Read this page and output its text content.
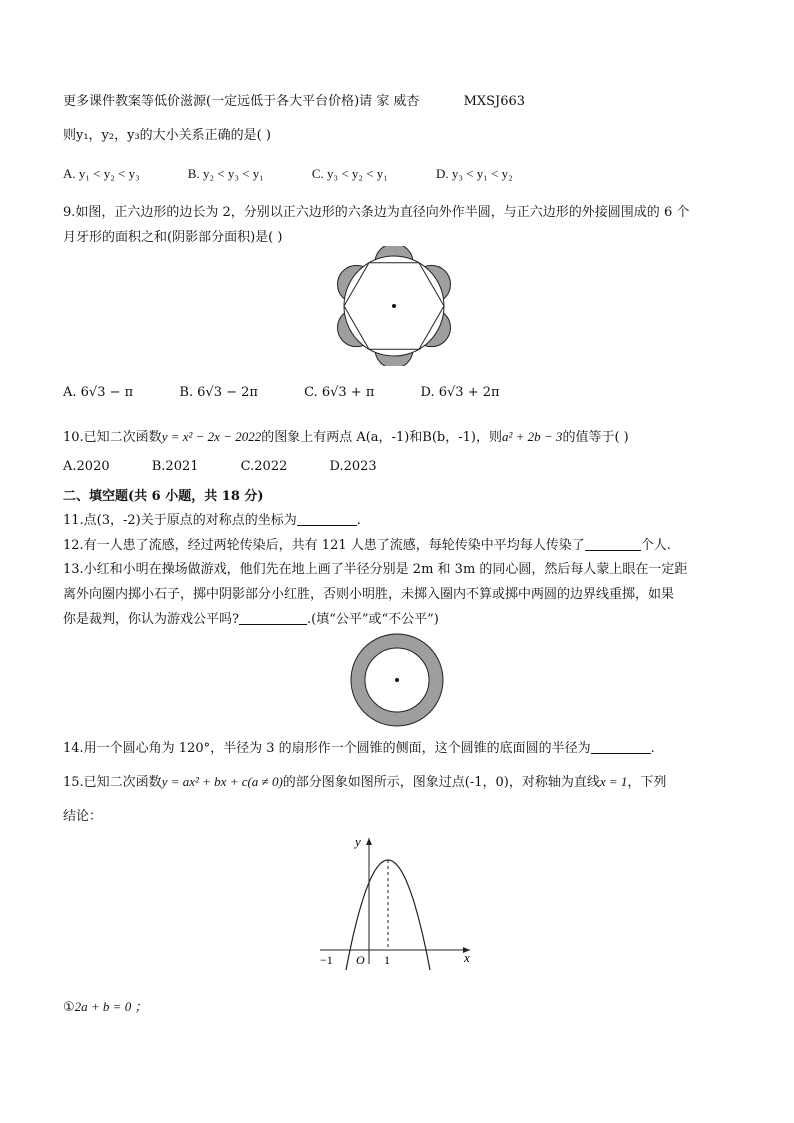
更多课件教案等低价滋源(一定远低于各大平台价格)请 家 威杏	MXSJ663
则y₁，y₂，y₃的大小关系正确的是( )
A. y₁ < y₂ < y₃	B. y₂ < y₃ < y₁	C. y₃ < y₂ < y₁	D. y₃ < y₁ < y₂
9.如图，正六边形的边长为 2，分别以正六边形的六条边为直径向外作半圆，与正六边形的外接圆围成的 6 个
月牙形的面积之和(阴影部分面积)是( )
A. 6√3 − π	B. 6√3 − 2π	C. 6√3 + π	D. 6√3 + 2π
10.已知二次函数y = x² − 2x − 2022的图象上有两点 A(a，-1)和B(b，-1)，则a² + 2b − 3的值等于( )
A.2020	B.2021	C.2022	D.2023
二、填空题(共 6 小题，共 18 分)
11.点(3，-2)关于原点的对称点的坐标为	.
12.有一人患了流感，经过两轮传染后，共有 121 人患了流感，每轮传染中平均每人传染了	个人.
13.小红和小明在操场做游戏，他们先在地上画了半径分别是 2m 和 3m 的同心圆，然后每人蒙上眼在一定距
离外向圈内掷小石子，掷中阴影部分小红胜，否则小明胜，未掷入圈内不算或掷中两圆的边界线重掷，如果
你是裁判，你认为游戏公平吗?	.(填“公平”或“不公平”)
14.用一个圆心角为 120°，半径为 3 的扇形作一个圆锥的侧面，这个圆锥的底面圆的半径为	.
15.已知二次函数y = ax² + bx + c(a ≠ 0)的部分图象如图所示，图象过点(-1，0)，对称轴为直线x = 1，下列
结论：
y
x
O
−1	1
①2a + b = 0 ；
